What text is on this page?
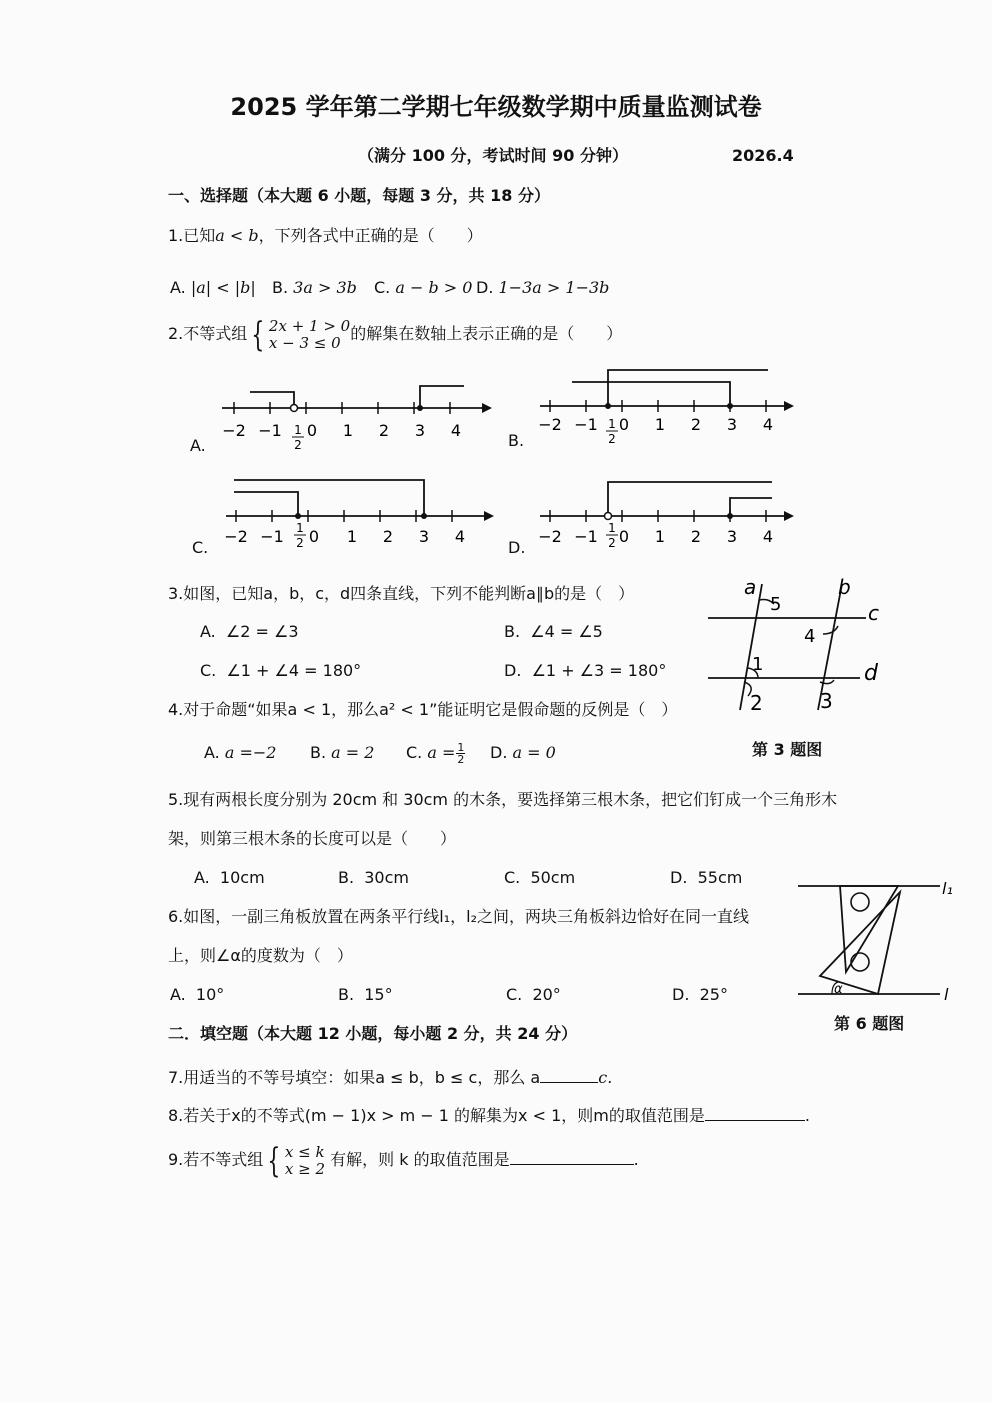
2025 学年第二学期七年级数学期中质量监测试卷
（满分 100 分，考试时间 90 分钟）	2026.4
一、选择题（本大题 6 小题，每题 3 分，共 18 分）
1.已知a < b，下列各式中正确的是（　　）
A. |a| < |b| B. 3a > 3b C. a − b > 0 D. 1−3a > 1−3b
2.不等式组 { 2x + 1 > 0
x − 3 ≤ 0 的解集在数轴上表示正确的是（　　）
A.
−2 −1 0 1 2 3 4
1
2	B.
−2 −1 0 1 2 3 4
1
2
C.
−2 −1 0 1 2 3 4
1
2	D.
−2 −1 0 1 2 3 4
1
2
3.如图，已知a，b，c，d四条直线，下列不能判断a∥b的是（　）
A. ∠2 = ∠3	B. ∠4 = ∠5
C. ∠1 + ∠4 = 180°	D. ∠1 + ∠3 = 180°
a
5
b
c
4
1	d
2	3
第 3 题图
4.对于命题“如果a < 1，那么a² < 1”能证明它是假命题的反例是（　）
A. a =−2 B. a = 2 C. $a = \frac{1}{2} D$. a = 0
5.现有两根长度分别为 20cm 和 30cm 的木条，要选择第三根木条，把它们钉成一个三角形木
架，则第三根木条的长度可以是（　　）
A. 10cm	B. 30cm	C. 50cm	D. 55cm
6.如图，一副三角板放置在两条平行线l₁，l₂之间，两块三角板斜边恰好在同一直线
上，则∠α的度数为（　）
A. 10°	B. 15°	C. 20°	D. 25°	α
l₁
l
第 6 题图
二．填空题（本大题 12 小题，每小题 2 分，共 24 分）
7.用适当的不等号填空：如果a ≤ b，b ≤ c，那么 a	c.
8.若关于x的不等式(m − 1)x > m − 1 的解集为x < 1，则m的取值范围是	.
9.若不等式组 { x ≤ k
x ≥ 2 有解，则 k 的取值范围是	.
